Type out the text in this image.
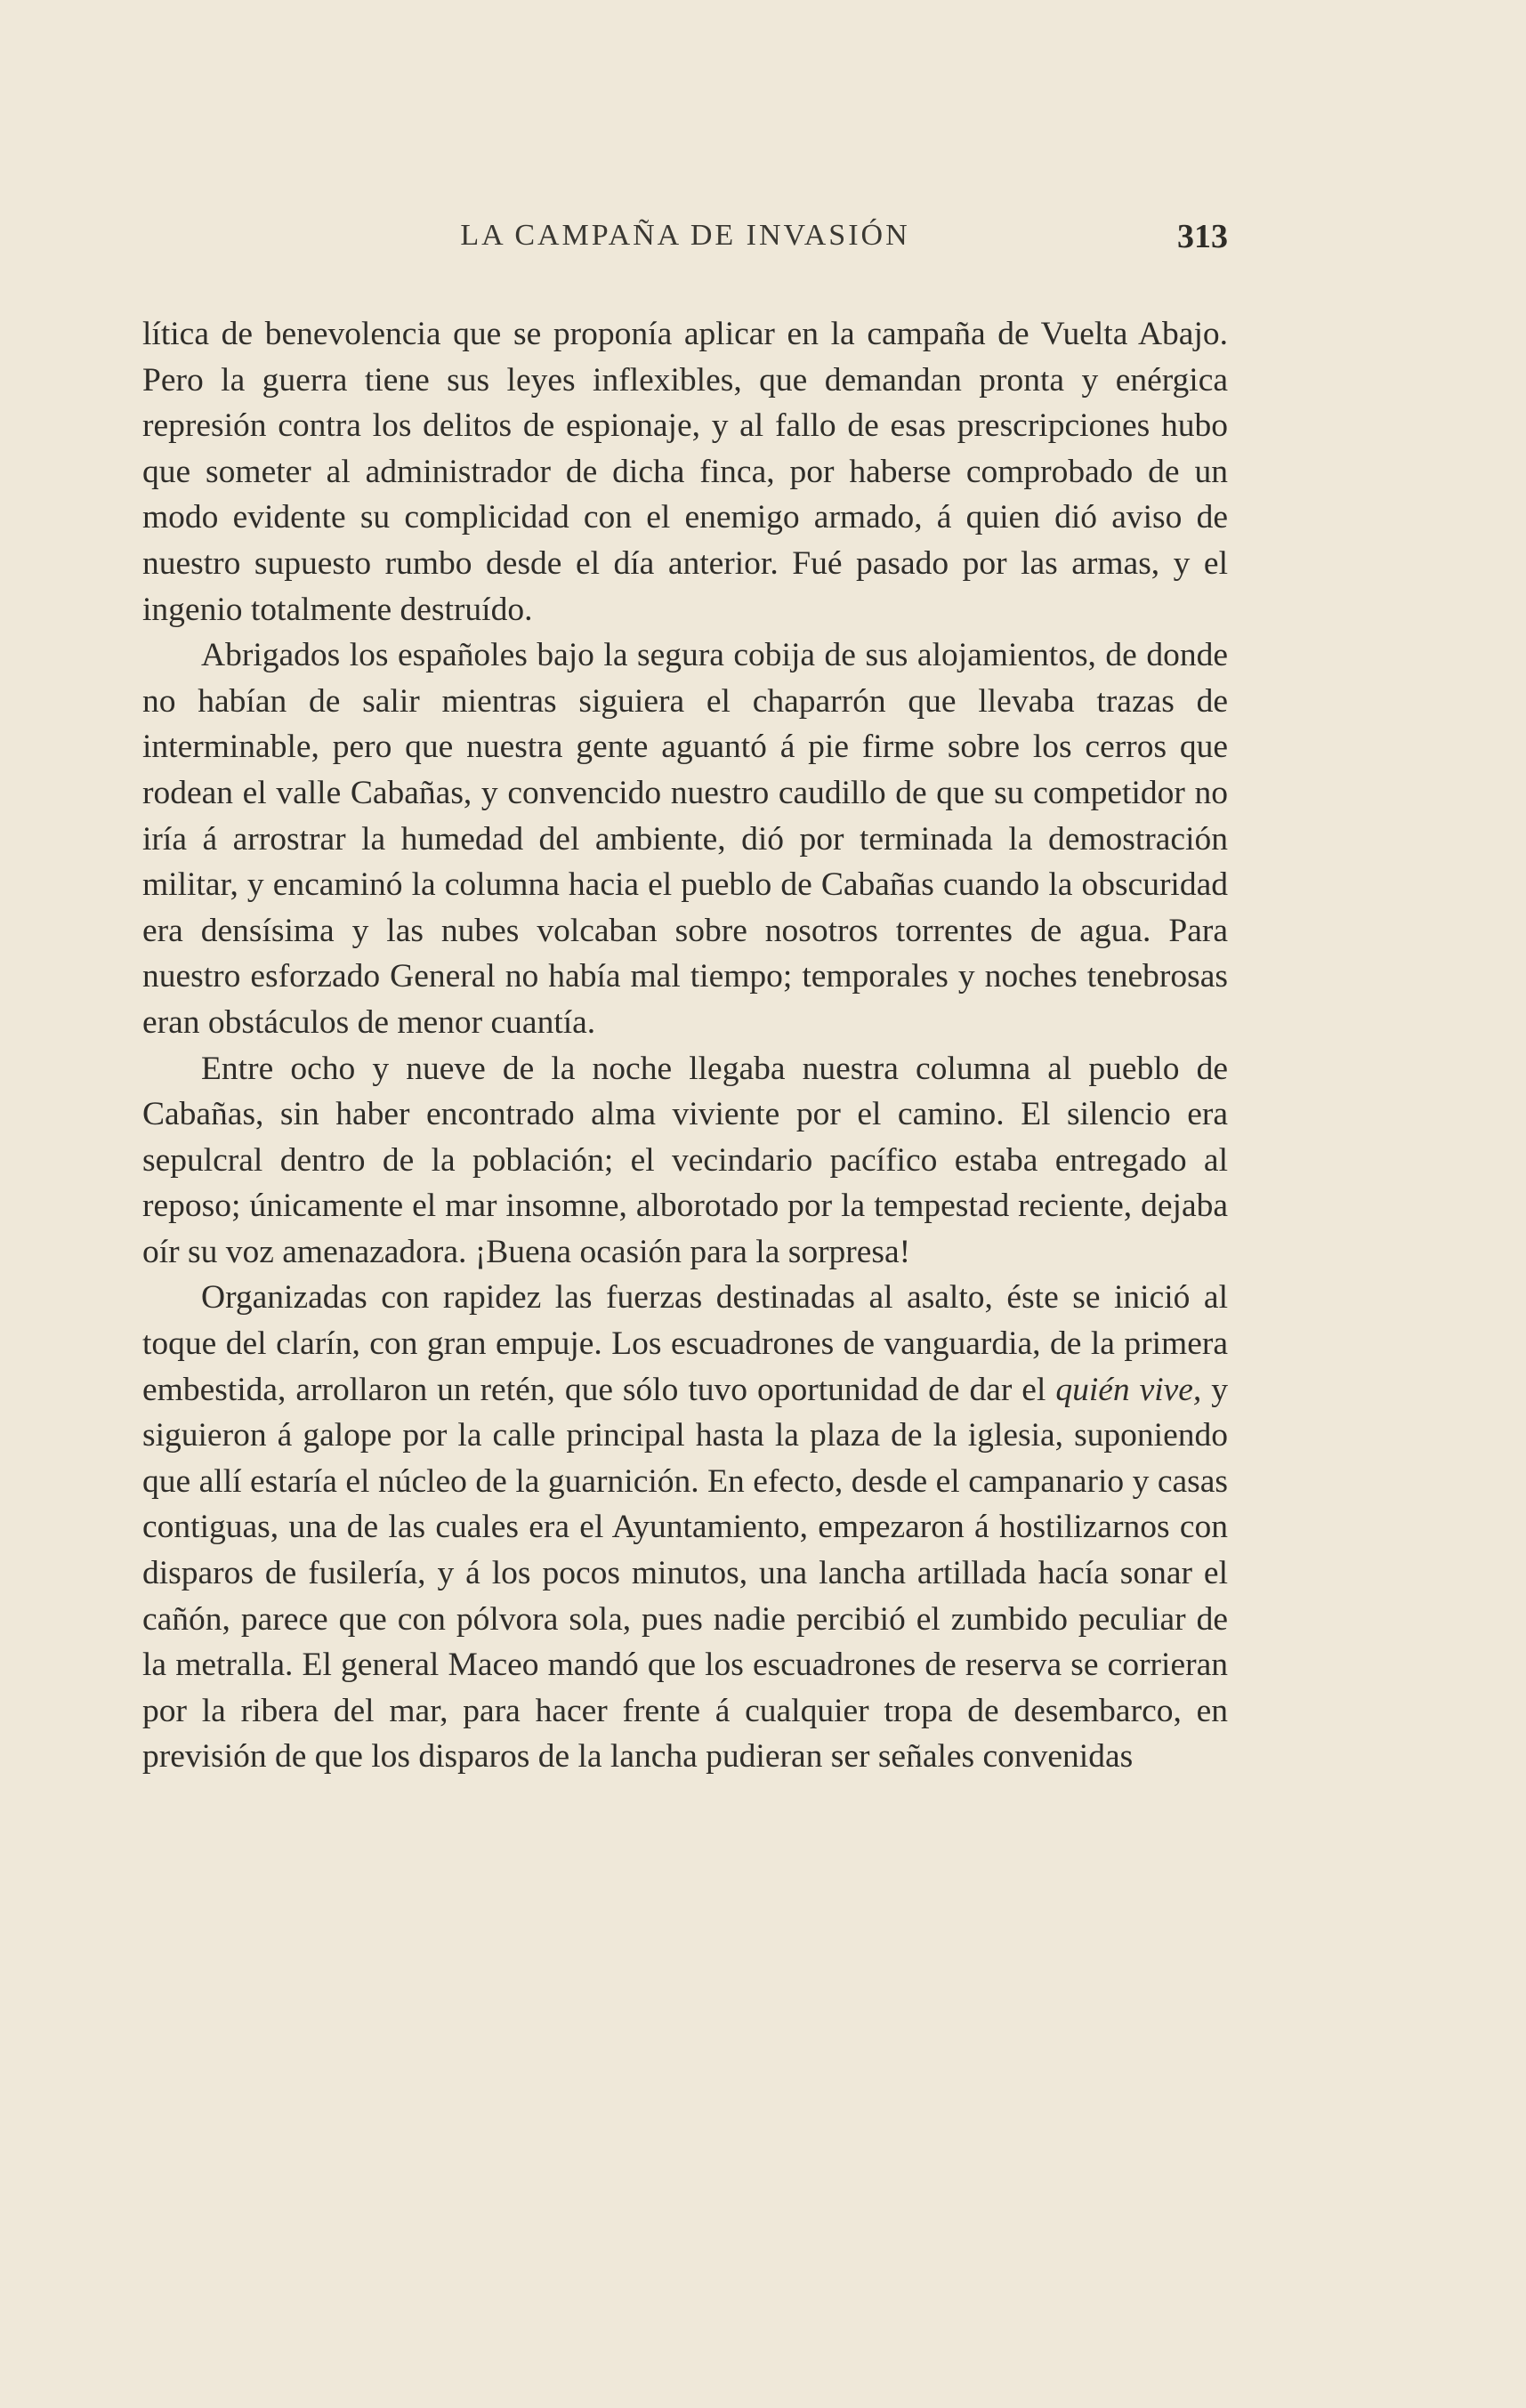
LA CAMPAÑA DE INVASIÓN	313

lítica de benevolencia que se proponía aplicar en la campaña de Vuelta Abajo. Pero la guerra tiene sus leyes inflexibles, que demandan pronta y enérgica represión contra los delitos de espionaje, y al fallo de esas prescripciones hubo que someter al administrador de dicha finca, por haberse comprobado de un modo evidente su complicidad con el enemigo armado, á quien dió aviso de nuestro supuesto rumbo desde el día anterior. Fué pasado por las armas, y el ingenio totalmente destruído.

Abrigados los españoles bajo la segura cobija de sus alojamientos, de donde no habían de salir mientras siguiera el chaparrón que llevaba trazas de interminable, pero que nuestra gente aguantó á pie firme sobre los cerros que rodean el valle Cabañas, y convencido nuestro caudillo de que su competidor no iría á arrostrar la humedad del ambiente, dió por terminada la demostración militar, y encaminó la columna hacia el pueblo de Cabañas cuando la obscuridad era densísima y las nubes volcaban sobre nosotros torrentes de agua. Para nuestro esforzado General no había mal tiempo; temporales y noches tenebrosas eran obstáculos de menor cuantía.

Entre ocho y nueve de la noche llegaba nuestra columna al pueblo de Cabañas, sin haber encontrado alma viviente por el camino. El silencio era sepulcral dentro de la población; el vecindario pacífico estaba entregado al reposo; únicamente el mar insomne, alborotado por la tempestad reciente, dejaba oír su voz amenazadora. ¡Buena ocasión para la sorpresa!

Organizadas con rapidez las fuerzas destinadas al asalto, éste se inició al toque del clarín, con gran empuje. Los escuadrones de vanguardia, de la primera embestida, arrollaron un retén, que sólo tuvo oportunidad de dar el quién vive, y siguieron á galope por la calle principal hasta la plaza de la iglesia, suponiendo que allí estaría el núcleo de la guarnición. En efecto, desde el campanario y casas contiguas, una de las cuales era el Ayuntamiento, empezaron á hostilizarnos con disparos de fusilería, y á los pocos minutos, una lancha artillada hacía sonar el cañón, parece que con pólvora sola, pues nadie percibió el zumbido peculiar de la metralla. El general Maceo mandó que los escuadrones de reserva se corrieran por la ribera del mar, para hacer frente á cualquier tropa de desembarco, en previsión de que los disparos de la lancha pudieran ser señales convenidas
